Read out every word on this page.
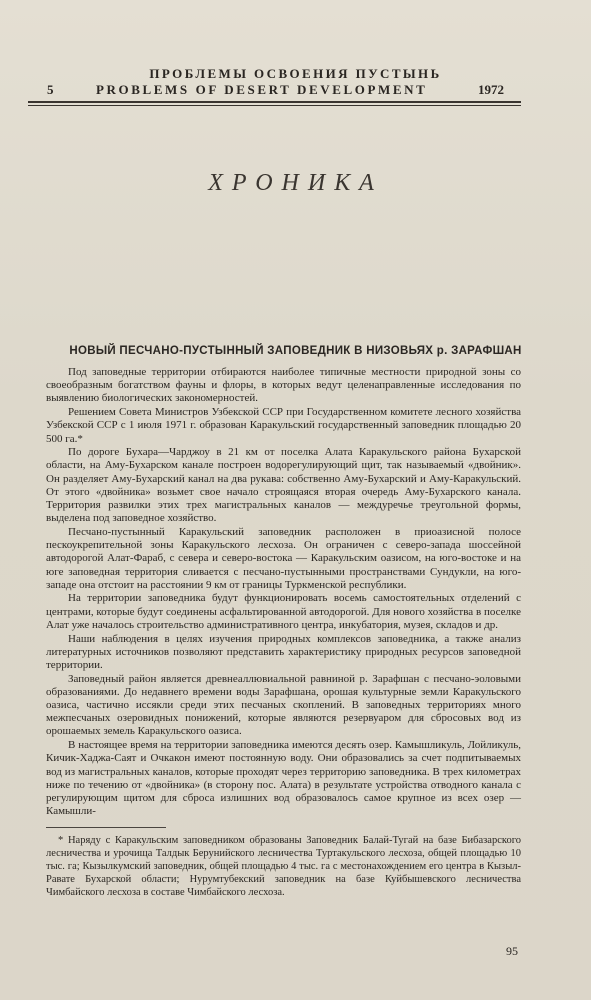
ПРОБЛЕМЫ ОСВОЕНИЯ ПУСТЫНЬ
5	PROBLEMS OF DESERT DEVELOPMENT	1972
ХРОНИКА
НОВЫЙ ПЕСЧАНО-ПУСТЫННЫЙ ЗАПОВЕДНИК В НИЗОВЬЯХ р. ЗАРАФШАН

Под заповедные территории отбираются наиболее типичные местности природной зоны со своеобразным богатством фауны и флоры, в которых ведут целенаправленные исследования по выявлению биологических закономерностей.

Решением Совета Министров Узбекской ССР при Государственном комитете лесного хозяйства Узбекской ССР с 1 июля 1971 г. образован Каракульский государственный заповедник площадью 20 500 га.*

По дороге Бухара—Чарджоу в 21 км от поселка Алата Каракульского района Бухарской области, на Аму-Бухарском канале построен водорегулирующий щит, так называемый «двойник». Он разделяет Аму-Бухарский канал на два рукава: собственно Аму-Бухарский и Аму-Каракульский. От этого «двойника» возьмет свое начало строящаяся вторая очередь Аму-Бухарского канала. Территория развилки этих трех магистральных каналов — междуречье треугольной формы, выделена под заповедное хозяйство.

Песчано-пустынный Каракульский заповедник расположен в приоазисной полосе пескоукрепительной зоны Каракульского лесхоза. Он ограничен с северо-запада шоссейной автодорогой Алат-Фараб, с севера и северо-востока — Каракульским оазисом, на юго-востоке и на юге заповедная территория сливается с песчано-пустынными пространствами Сундукли, на юго-западе она отстоит на расстоянии 9 км от границы Туркменской республики.

На территории заповедника будут функционировать восемь самостоятельных отделений с центрами, которые будут соединены асфальтированной автодорогой. Для нового хозяйства в поселке Алат уже началось строительство административного центра, инкубатория, музея, складов и др.

Наши наблюдения в целях изучения природных комплексов заповедника, а также анализ литературных источников позволяют представить характеристику природных ресурсов заповедной территории.

Заповедный район является древнеаллювиальной равниной р. Зарафшан с песчано-эоловыми образованиями. До недавнего времени воды Зарафшана, орошая культурные земли Каракульского оазиса, частично иссякли среди этих песчаных скоплений. В заповедных территориях много межпесчаных озеровидных понижений, которые являются резервуаром для сбросовых вод из орошаемых земель Каракульского оазиса.

В настоящее время на территории заповедника имеются десять озер. Камышликуль, Лойликуль, Кичик-Хаджа-Саят и Очкакон имеют постоянную воду. Они образовались за счет подпитываемых вод из магистральных каналов, которые проходят через территорию заповедника. В трех километрах ниже по течению от «двойника» (в сторону пос. Алата) в результате устройства отводного канала с регулирующим щитом для сброса излишних вод образовалось самое крупное из всех озер — Камышли-

* Наряду с Каракульским заповедником образованы Заповедник Балай-Тугай на базе Бибазарского лесничества и урочища Талдык Берунийского лесничества Туртакульского лесхоза, общей площадью 10 тыс. га; Кызылкумский заповедник, общей площадью 4 тыс. га с местонахождением его центра в Кызыл-Равате Бухарской области; Нурумтубекский заповедник на базе Куйбышевского лесничества Чимбайского лесхоза в составе Чимбайского лесхоза.

95
